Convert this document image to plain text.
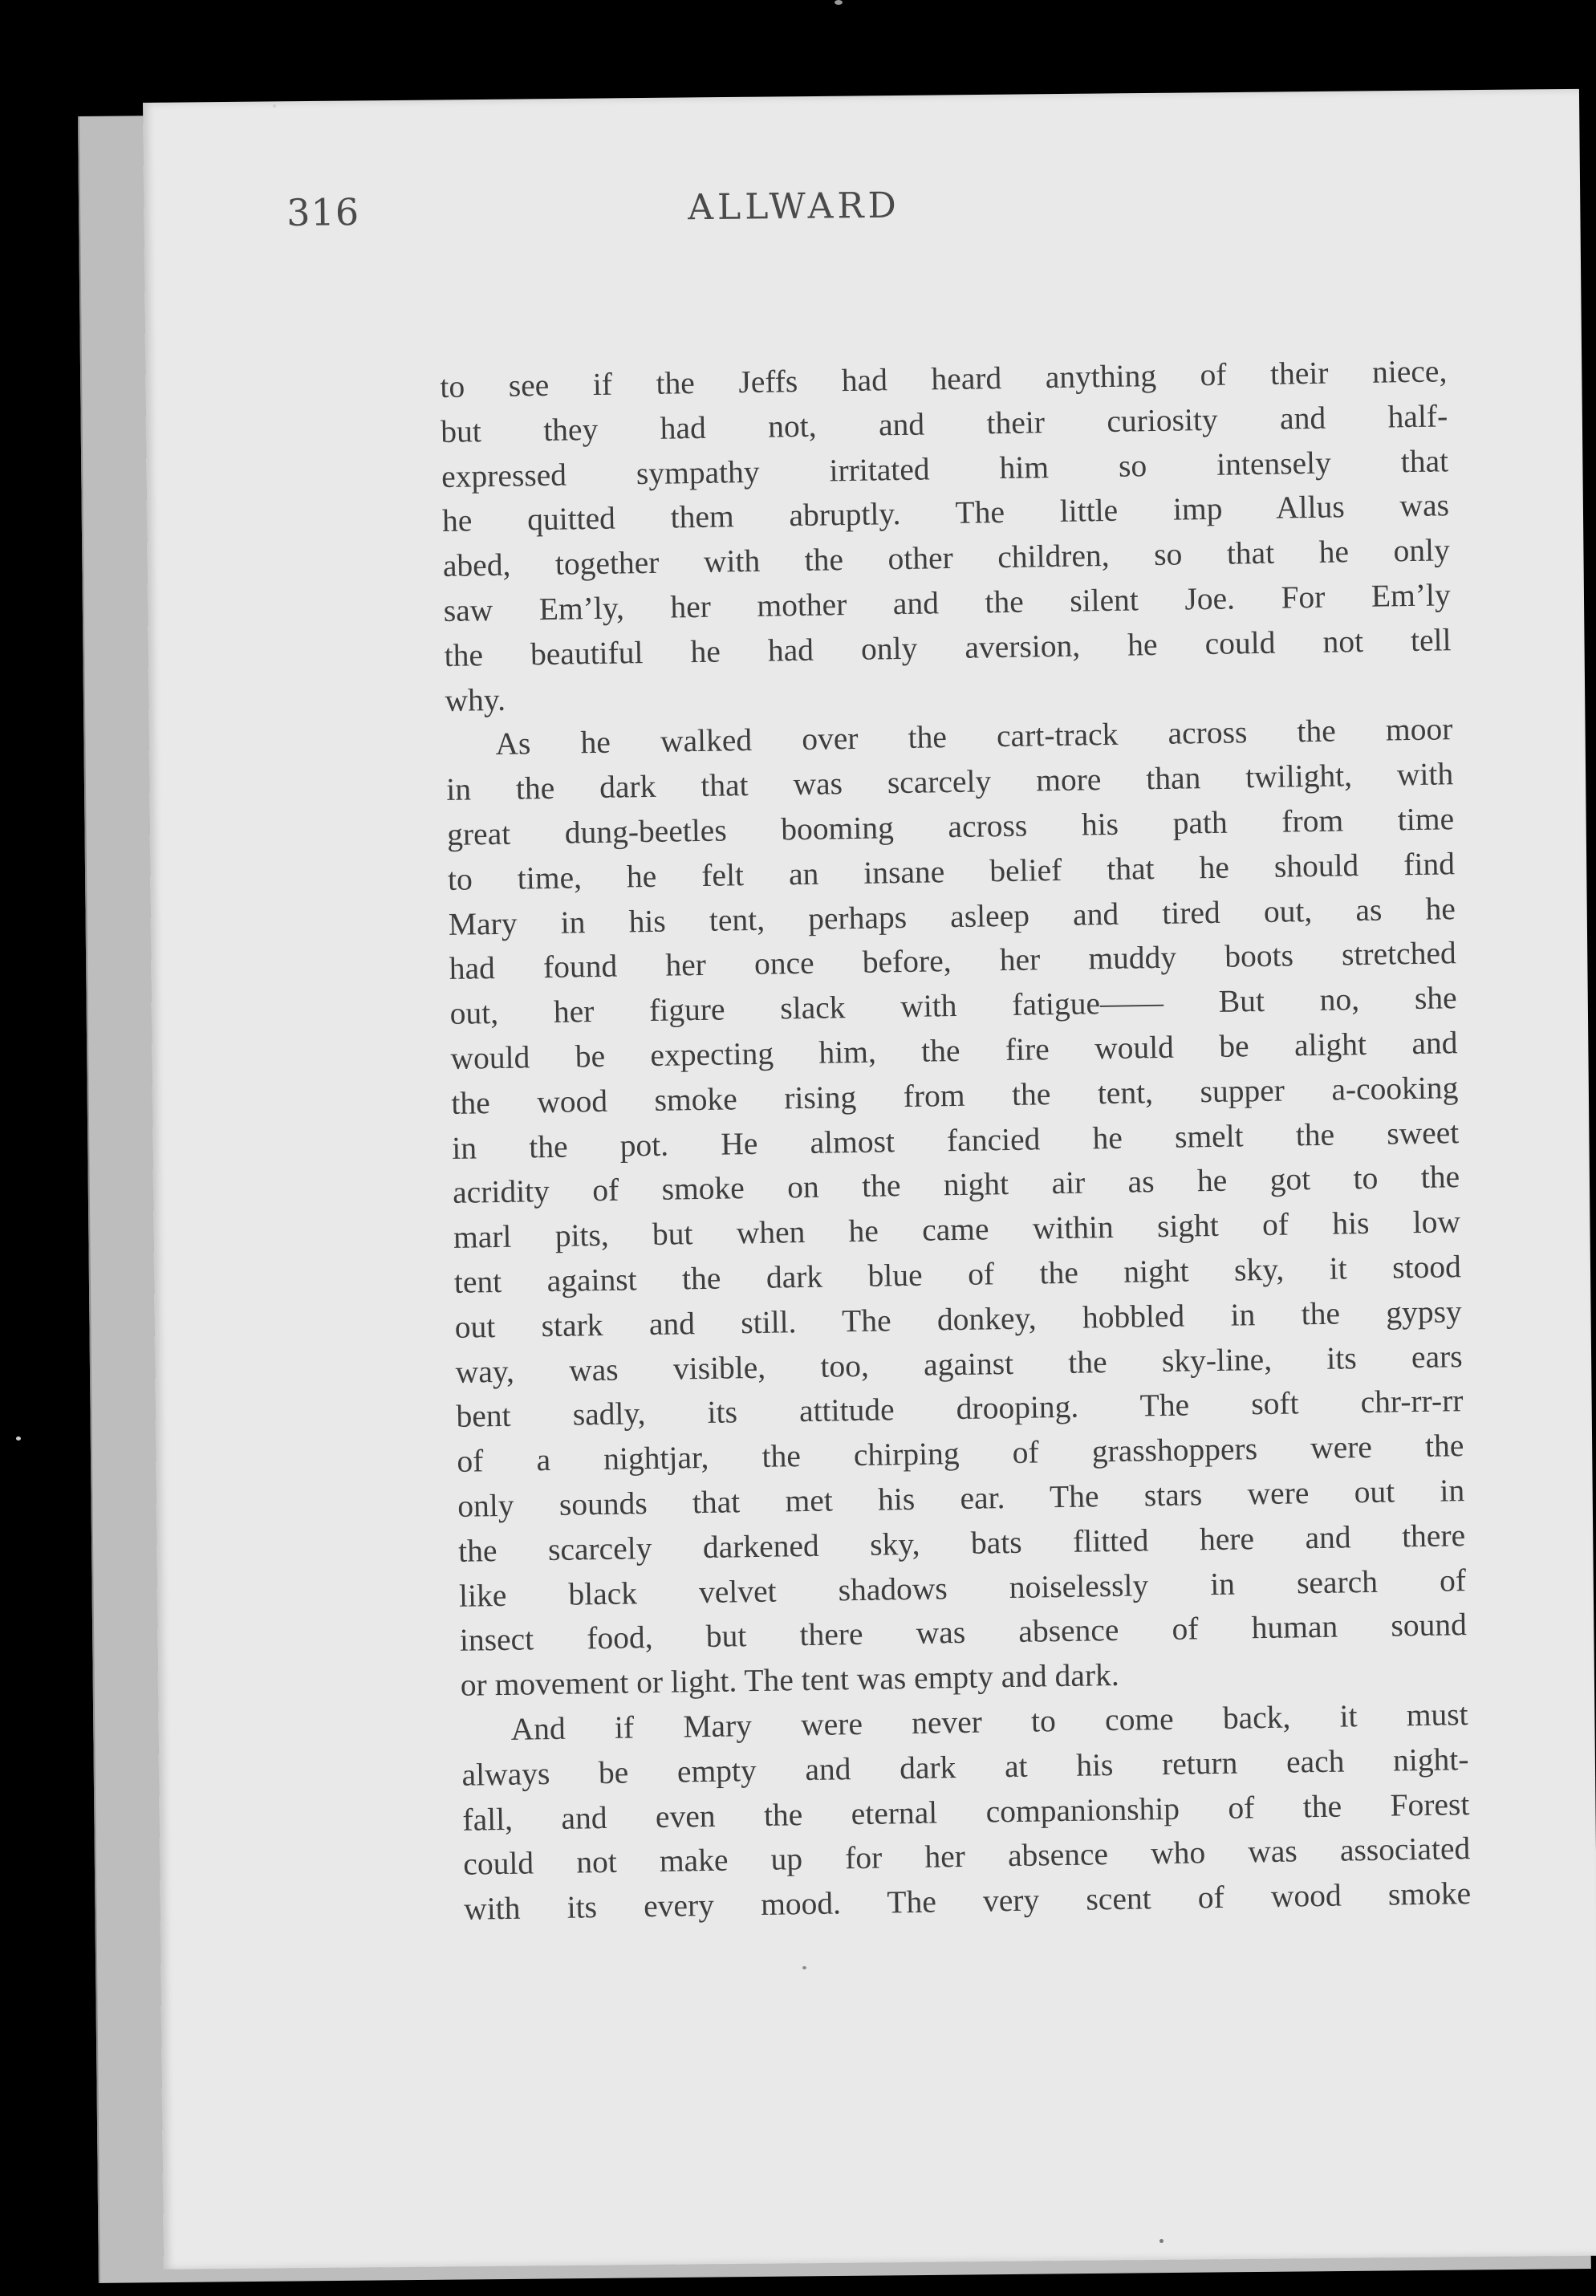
316	ALLWARD
to see if the Jeffs had heard anything of their niece,
but they had not, and their curiosity and half-
expressed sympathy irritated him so intensely that
he quitted them abruptly. The little imp Allus was
abed, together with the other children, so that he only
saw Em’ly, her mother and the silent Joe. For Em’ly
the beautiful he had only aversion, he could not tell
why.
As he walked over the cart-track across the moor
in the dark that was scarcely more than twilight, with
great dung-beetles booming across his path from time
to time, he felt an insane belief that he should find
Mary in his tent, perhaps asleep and tired out, as he
had found her once before, her muddy boots stretched
out, her figure slack with fatigue—— But no, she
would be expecting him, the fire would be alight and
the wood smoke rising from the tent, supper a-cooking
in the pot. He almost fancied he smelt the sweet
acridity of smoke on the night air as he got to the
marl pits, but when he came within sight of his low
tent against the dark blue of the night sky, it stood
out stark and still. The donkey, hobbled in the gypsy
way, was visible, too, against the sky-line, its ears
bent sadly, its attitude drooping. The soft chr-rr-rr
of a nightjar, the chirping of grasshoppers were the
only sounds that met his ear. The stars were out in
the scarcely darkened sky, bats flitted here and there
like black velvet shadows noiselessly in search of
insect food, but there was absence of human sound
or movement or light. The tent was empty and dark.
And if Mary were never to come back, it must
always be empty and dark at his return each night-
fall, and even the eternal companionship of the Forest
could not make up for her absence who was associated
with its every mood. The very scent of wood smoke
